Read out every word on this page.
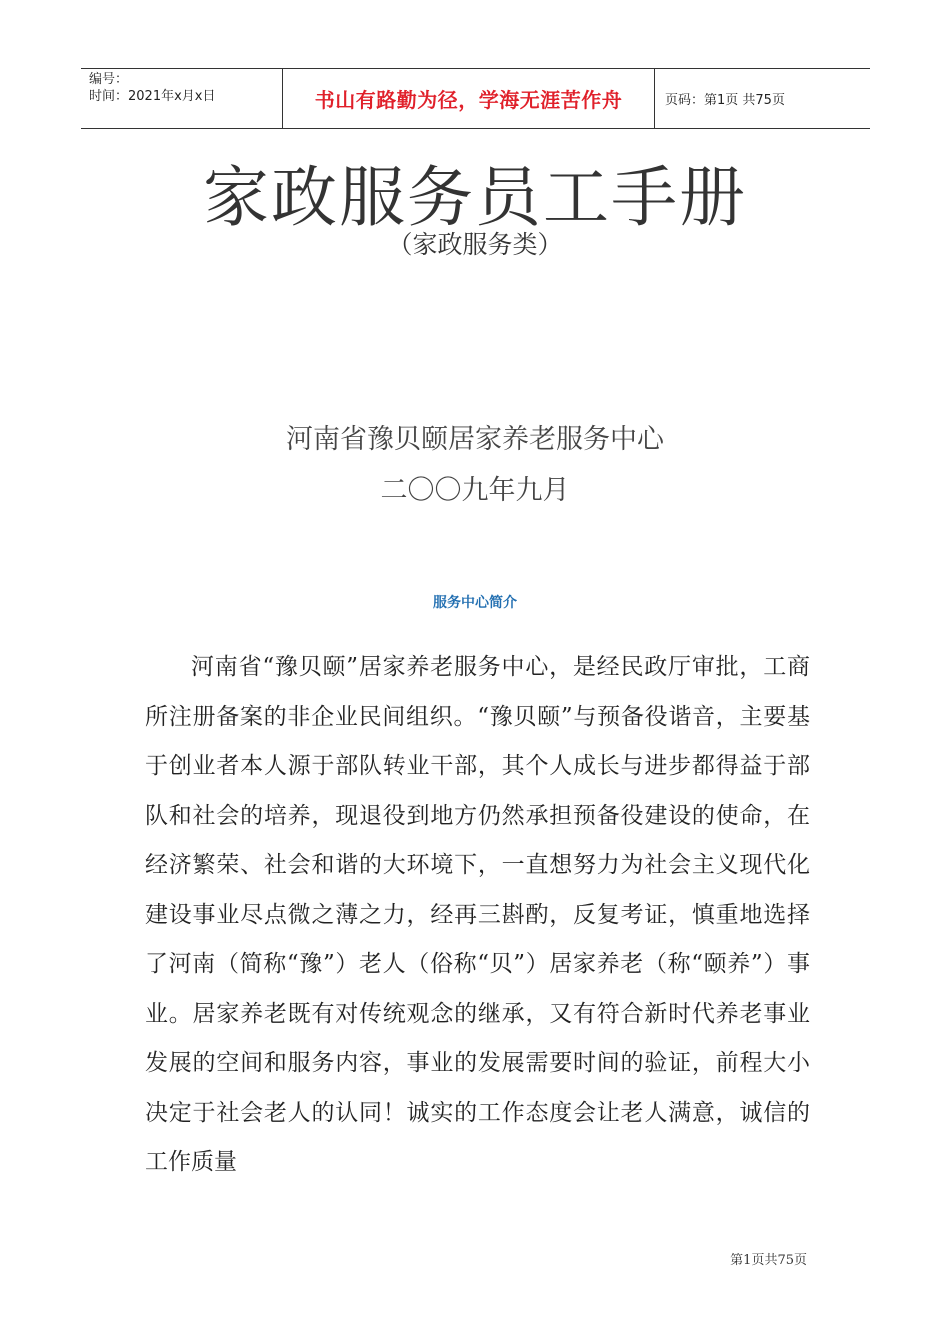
编号：
时间：2021年x月x日	书山有路勤为径，学海无涯苦作舟	页码：第1页 共75页
家政服务员工手册
（家政服务类）
河南省豫贝颐居家养老服务中心
二〇〇九年九月
服务中心简介

河南省“豫贝颐”居家养老服务中心，是经民政厅审批，工商所注册备案的非企业民间组织。“豫贝颐”与预备役谐音，主要基于创业者本人源于部队转业干部，其个人成长与进步都得益于部队和社会的培养，现退役到地方仍然承担预备役建设的使命，在经济繁荣、社会和谐的大环境下，一直想努力为社会主义现代化建设事业尽点微之薄之力，经再三斟酌，反复考证，慎重地选择了河南（简称“豫”）老人（俗称“贝”）居家养老（称“颐养”）事业。居家养老既有对传统观念的继承，又有符合新时代养老事业发展的空间和服务内容，事业的发展需要时间的验证，前程大小决定于社会老人的认同！诚实的工作态度会让老人满意，诚信的工作质量

第1页共75页
